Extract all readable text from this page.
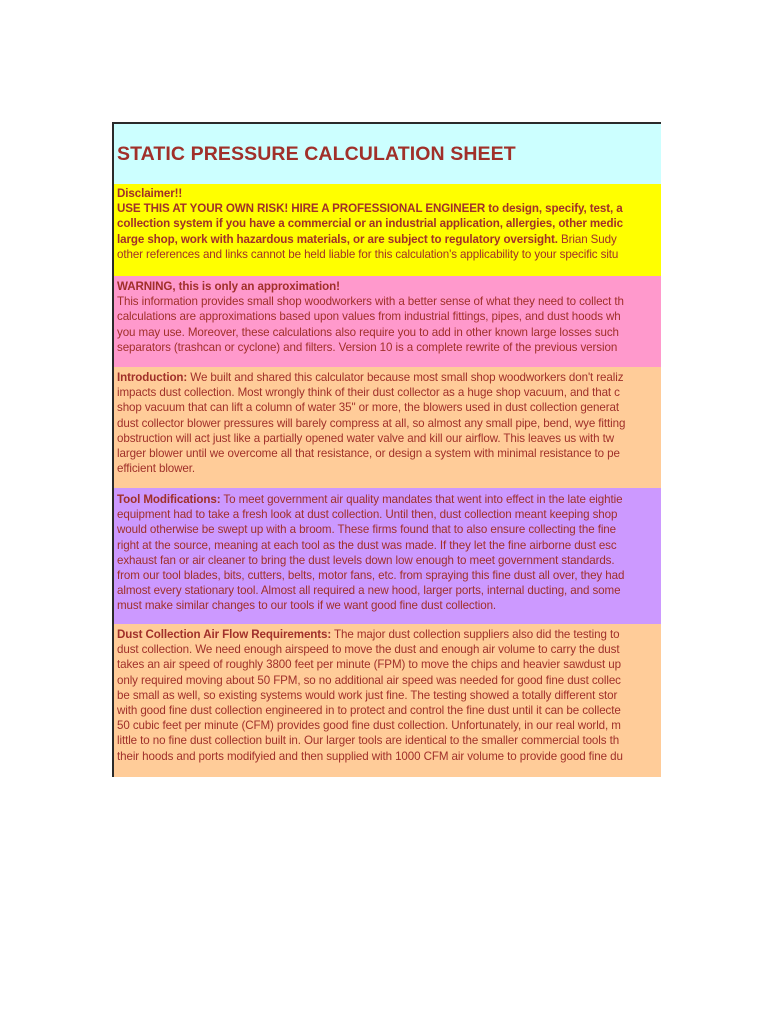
STATIC PRESSURE CALCULATION SHEET
Disclaimer!!
USE THIS AT YOUR OWN RISK! HIRE A PROFESSIONAL ENGINEER to design, specify, test, a
collection system if you have a commercial or an industrial application, allergies, other medic
large shop, work with hazardous materials, or are subject to regulatory oversight. Brian Sudy
other references and links cannot be held liable for this calculation's applicability to your specific situ
WARNING, this is only an approximation!
This information provides small shop woodworkers with a better sense of what they need to collect th
calculations are approximations based upon values from industrial fittings, pipes, and dust hoods wh
you may use. Moreover, these calculations also require you to add in other known large losses such
separators (trashcan or cyclone) and filters. Version 10 is a complete rewrite of the previous version
Introduction: We built and shared this calculator because most small shop woodworkers don't realiz
impacts dust collection. Most wrongly think of their dust collector as a huge shop vacuum, and that c
shop vacuum that can lift a column of water 35" or more, the blowers used in dust collection generat
dust collector blower pressures will barely compress at all, so almost any small pipe, bend, wye fitting
obstruction will act just like a partially opened water valve and kill our airflow. This leaves us with tw
larger blower until we overcome all that resistance, or design a system with minimal resistance to pe
efficient blower.
Tool Modifications: To meet government air quality mandates that went into effect in the late eightie
equipment had to take a fresh look at dust collection. Until then, dust collection meant keeping shop
would otherwise be swept up with a broom. These firms found that to also ensure collecting the fine
right at the source, meaning at each tool as the dust was made. If they let the fine airborne dust esc
exhaust fan or air cleaner to bring the dust levels down low enough to meet government standards.
from our tool blades, bits, cutters, belts, motor fans, etc. from spraying this fine dust all over, they had
almost every stationary tool. Almost all required a new hood, larger ports, internal ducting, and some
must make similar changes to our tools if we want good fine dust collection.
Dust Collection Air Flow Requirements: The major dust collection suppliers also did the testing to
dust collection. We need enough airspeed to move the dust and enough air volume to carry the dust
takes an air speed of roughly 3800 feet per minute (FPM) to move the chips and heavier sawdust up
only required moving about 50 FPM, so no additional air speed was needed for good fine dust collec
be small as well, so existing systems would work just fine. The testing showed a totally different stor
with good fine dust collection engineered in to protect and control the fine dust until it can be collecte
50 cubic feet per minute (CFM) provides good fine dust collection. Unfortunately, in our real world, m
little to no fine dust collection built in. Our larger tools are identical to the smaller commercial tools th
their hoods and ports modifyied and then supplied with 1000 CFM air volume to provide good fine du
